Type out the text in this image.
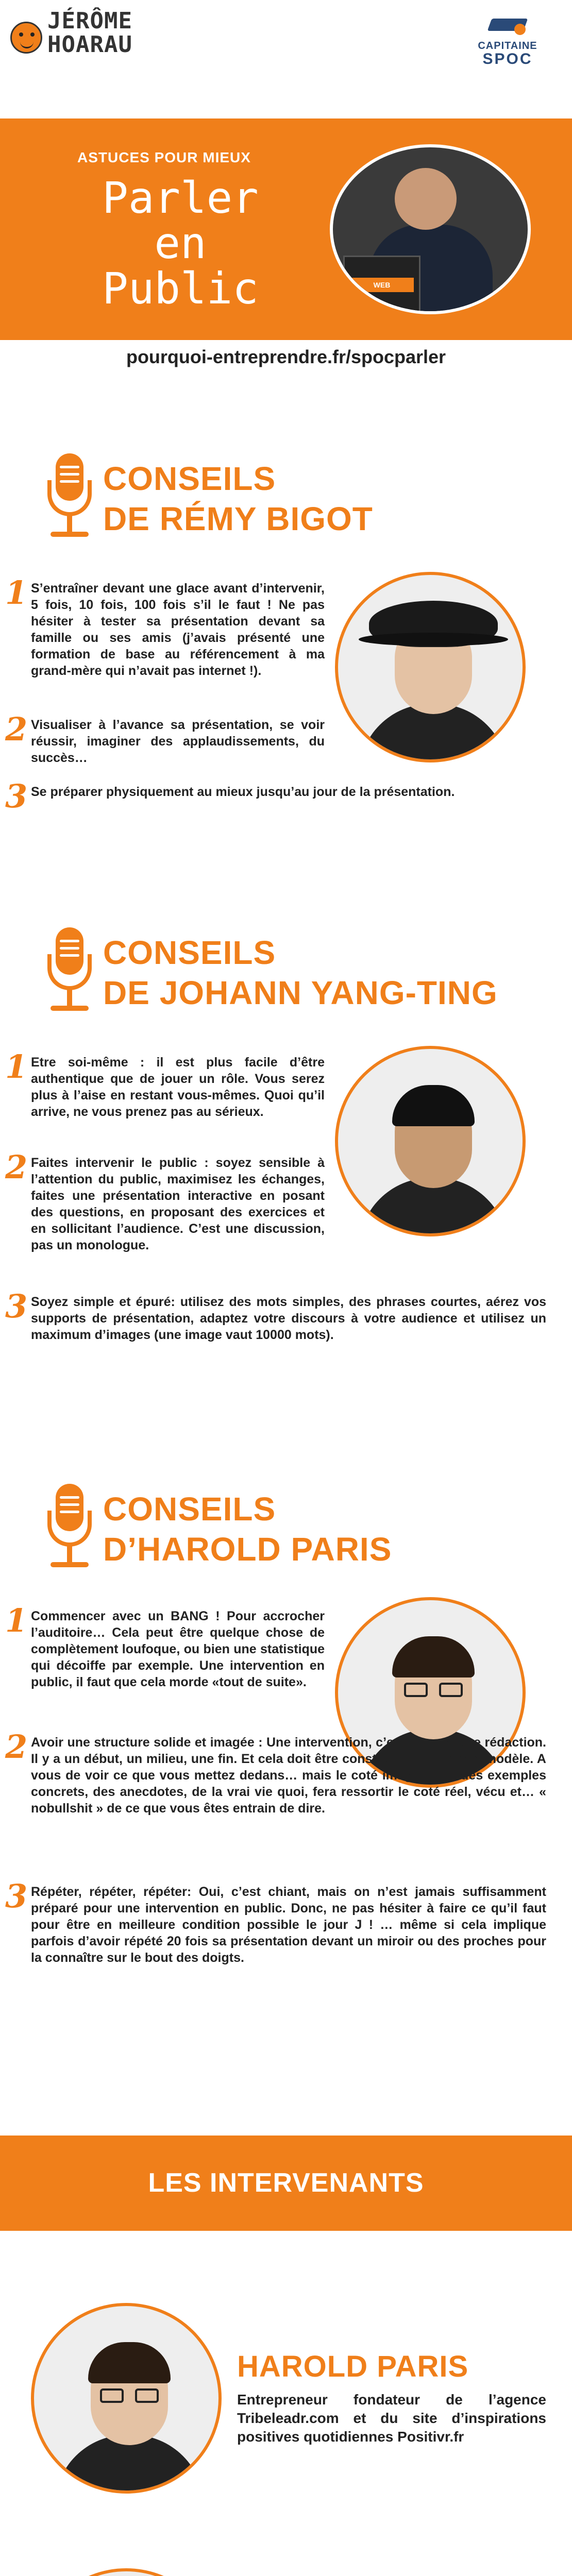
JÉRÔME
HOARAU	CAPITAINE
SPOC
ASTUCES POUR MIEUX
Parler
en
Public	WEB
pourquoi-entreprendre.fr/spocparler
CONSEILS
DE RÉMY BIGOT
1 S’entraîner devant une glace avant d’intervenir, 5 fois, 10 fois, 100 fois s’il le faut ! Ne pas hésiter à tester sa présentation devant sa famille ou ses amis (j’avais présenté une formation de base au référencement à ma grand-mère qui n’avait pas internet !).
2 Visualiser à l’avance sa présentation, se voir réussir, imaginer des applaudissements, du succès…
3 Se préparer physiquement au mieux jusqu’au jour de la présentation.
CONSEILS
DE JOHANN YANG-TING
1 Etre soi-même : il est plus facile d’être authentique que de jouer un rôle. Vous serez plus à l’aise en restant vous-mêmes. Quoi qu’il arrive, ne vous prenez pas au sérieux.
2 Faites intervenir le public : soyez sensible à l’attention du public, maximisez les échanges, faites une présentation interactive en posant des questions, en proposant des exercices et en sollicitant l’audience. C’est une discussion, pas un monologue.
3 Soyez simple et épuré: utilisez des mots simples, des phrases courtes, aérez vos supports de présentation, adaptez votre discours à votre audience et utilisez un maximum d’images (une image vaut 10000 mots).
CONSEILS
D’HAROLD PARIS
1 Commencer avec un BANG ! Pour accrocher l’auditoire… Cela peut être quelque chose de complètement loufoque, ou bien une statistique qui décoiffe par exemple. Une intervention en public, il faut que cela morde «tout de suite».
2 Avoir une structure solide et imagée : Une intervention, c’est comme une rédaction. Il y a un début, un milieu, une fin. Et cela doit être construit sur ce même modèle. A vous de voir ce que vous mettez dedans… mais le coté imagé, avec des exemples concrets, des anecdotes, de la vrai vie quoi, fera ressortir le coté réel, vécu et… « nobullshit » de ce que vous êtes entrain de dire.
3 Répéter, répéter, répéter: Oui, c’est chiant, mais on n’est jamais suffisamment préparé pour une intervention en public. Donc, ne pas hésiter à faire ce qu’il faut pour être en meilleure condition possible le jour J ! … même si cela implique parfois d’avoir répété 20 fois sa présentation devant un miroir ou des proches pour la connaître sur le bout des doigts.
LES INTERVENANTS
HAROLD PARIS
Entrepreneur fondateur de l’agence Tribeleadr.com et du site d’inspirations positives quotidiennes Positivr.fr
